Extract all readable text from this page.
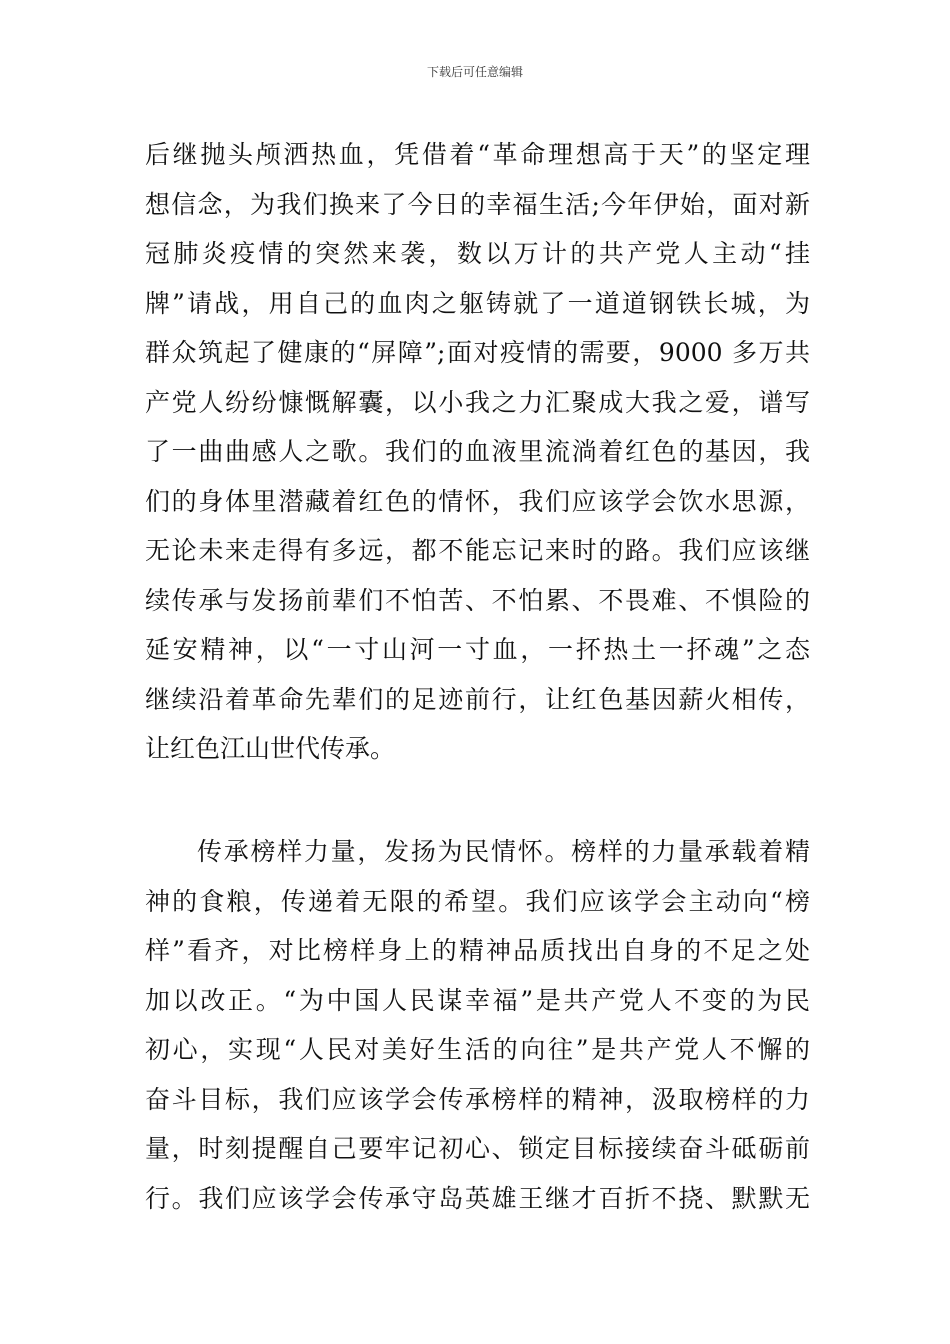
下载后可任意编辑
后继抛头颅洒热血，凭借着“革命理想高于天”的坚定理
想信念，为我们换来了今日的幸福生活;今年伊始，面对新
冠肺炎疫情的突然来袭，数以万计的共产党人主动“挂
牌”请战，用自己的血肉之躯铸就了一道道钢铁长城，为
群众筑起了健康的“屏障”;面对疫情的需要，9000 多万共
产党人纷纷慷慨解囊，以小我之力汇聚成大我之爱，谱写
了一曲曲感人之歌。我们的血液里流淌着红色的基因，我
们的身体里潜藏着红色的情怀，我们应该学会饮水思源，
无论未来走得有多远，都不能忘记来时的路。我们应该继
续传承与发扬前辈们不怕苦、不怕累、不畏难、不惧险的
延安精神，以“一寸山河一寸血，一抔热土一抔魂”之态
继续沿着革命先辈们的足迹前行，让红色基因薪火相传，
让红色江山世代传承。
传承榜样力量，发扬为民情怀。榜样的力量承载着精
神的食粮，传递着无限的希望。我们应该学会主动向“榜
样”看齐，对比榜样身上的精神品质找出自身的不足之处
加以改正。“为中国人民谋幸福”是共产党人不变的为民
初心，实现“人民对美好生活的向往”是共产党人不懈的
奋斗目标，我们应该学会传承榜样的精神，汲取榜样的力
量，时刻提醒自己要牢记初心、锁定目标接续奋斗砥砺前
行。我们应该学会传承守岛英雄王继才百折不挠、默默无
